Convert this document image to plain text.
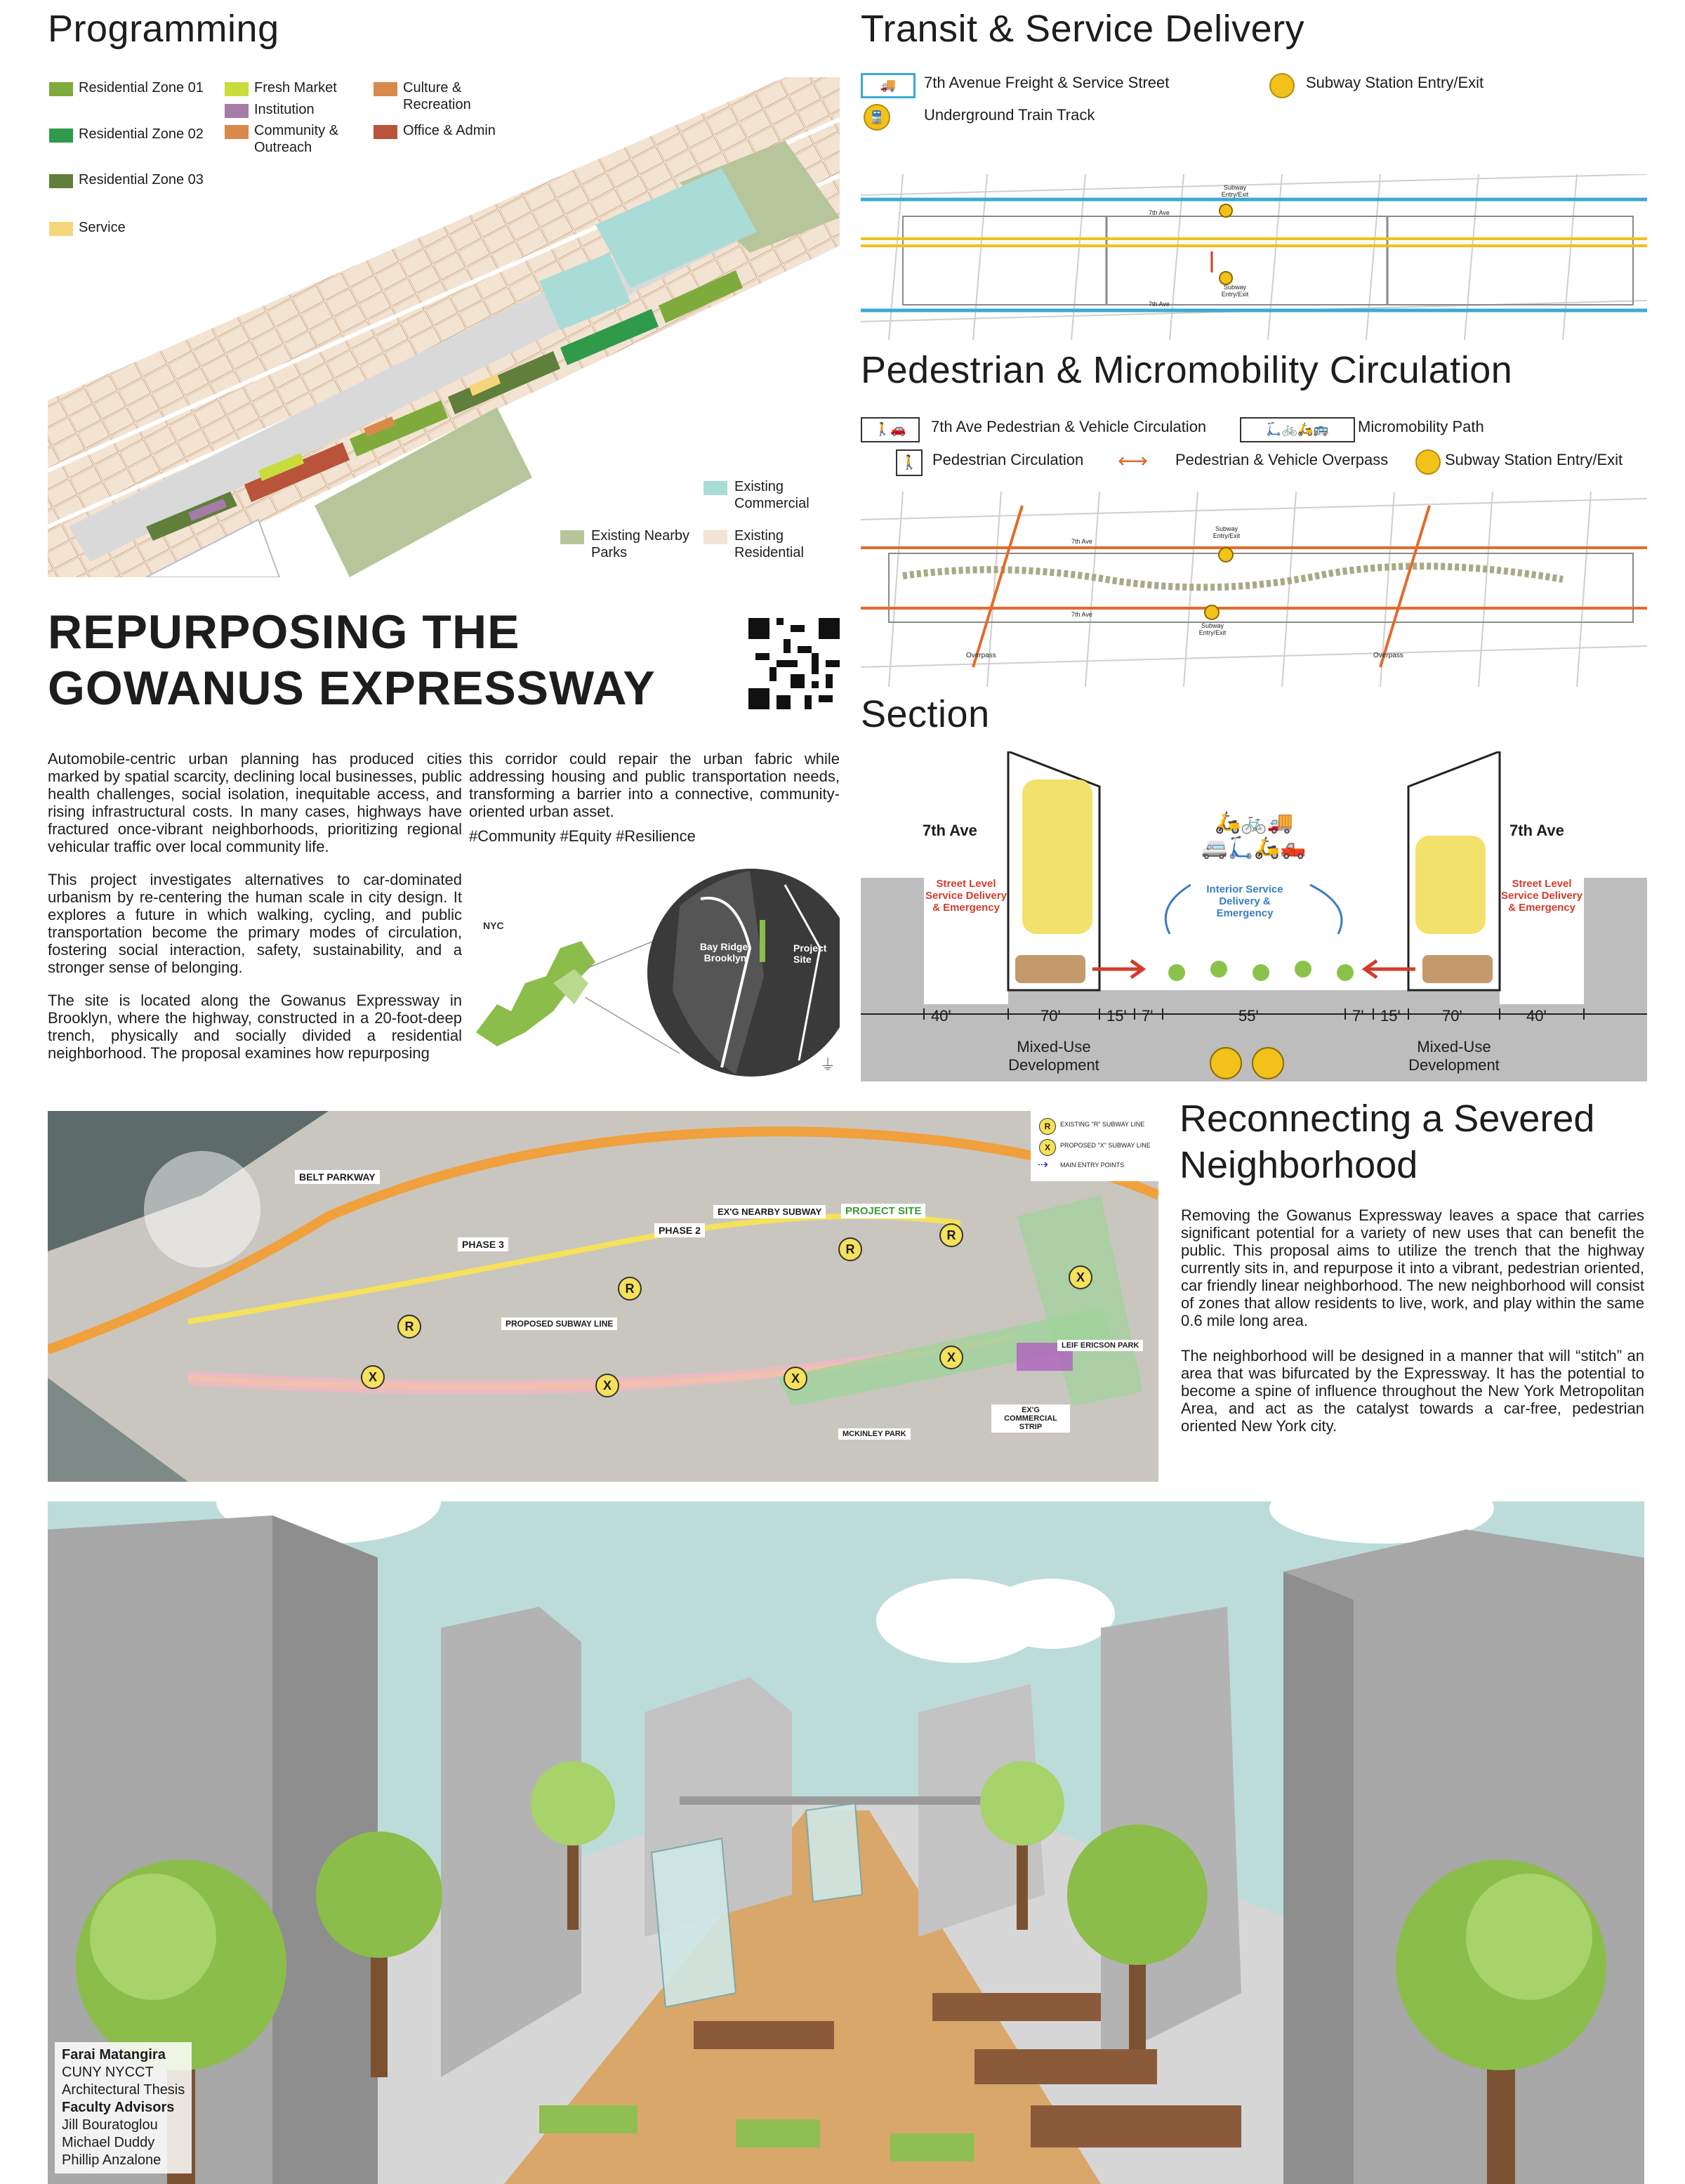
Programming
Residential Zone 01
Residential Zone 02
Residential Zone 03
Service
Fresh Market
Institution
Community & Outreach
Culture & Recreation
Office & Admin
Existing Commercial
Existing Nearby Parks
Existing Residential
REPURPOSING THE
GOWANUS EXPRESSWAY

Automobile-centric urban planning has produced cities marked by spatial scarcity, declining local businesses, public health challenges, social isolation, inequitable access, and rising infrastructural costs. In many cases, highways have fractured once-vibrant neighborhoods, prioritizing regional vehicular traffic over local community life.

This project investigates alternatives to car-dominated urbanism by re-centering the human scale in city design. It explores a future in which walking, cycling, and public transportation become the primary modes of circulation, fostering social interaction, safety, sustainability, and a stronger sense of belonging.

The site is located along the Gowanus Expressway in Brooklyn, where the highway, constructed in a 20-foot-deep trench, physically and socially divided a residential neighborhood. The proposal examines how repurposing

this corridor could repair the urban fabric while addressing housing and public transportation needs, transforming a barrier into a connective, community-oriented urban asset.

#Community #Equity #Resilience

NYC
Bay Ridge, Brooklyn
Project Site
⏚
Transit & Service Delivery
🚚	7th Avenue Freight & Service Street	Subway Station Entry/Exit
🚆	Underground Train Track
Subway Entry/Exit
Subway Entry/Exit
7th Ave
7th Ave
Pedestrian & Micromobility Circulation
🚶🚗	7th Ave Pedestrian & Vehicle Circulation	🛴🚲🛵🚌	Micromobility Path
🚶 Pedestrian Circulation ⟷ Pedestrian & Vehicle Overpass	Subway Station Entry/Exit
Overpass	Overpass
Subway Entry/Exit
Subway Entry/Exit
7th Ave
7th Ave
Section
7th Ave	7th Ave
Street Level Service Delivery & Emergency
Street Level Service Delivery & Emergency
Interior Service Delivery & Emergency
🛵🚲🚚
🚐🛴🛵🛻
40'	70'	15' 7'	55'	7' 15'	70'	40'
Mixed-Use Development
Mixed-Use Development
R
R
R
R
X
X	X
X
X
R	EXISTING "R" SUBWAY LINE
X	PROPOSED "X" SUBWAY LINE
⇢ MAIN ENTRY POINTS
BELT PARKWAY
PHASE 3
PHASE 2
EX'G NEARBY SUBWAY	PROJECT SITE
PROPOSED SUBWAY LINE
LEIF ERICSON PARK
MCKINLEY PARK
EX'G COMMERCIAL STRIP
Reconnecting a Severed
Neighborhood

Removing the Gowanus Expressway leaves a space that carries significant potential for a variety of new uses that can benefit the public. This proposal aims to utilize the trench that the highway currently sits in, and repurpose it into a vibrant, pedestrian oriented, car friendly linear neighborhood. The new neighborhood will consist of zones that allow residents to live, work, and play within the same 0.6 mile long area.

The neighborhood will be designed in a manner that will “stitch” an area that was bifurcated by the Expressway. It has the potential to become a spine of influence throughout the New York Metropolitan Area, and act as the catalyst towards a car-free, pedestrian oriented New York city.

Farai Matangira
CUNY NYCCT
Architectural Thesis
Faculty Advisors
Jill Bouratoglou
Michael Duddy
Phillip Anzalone
